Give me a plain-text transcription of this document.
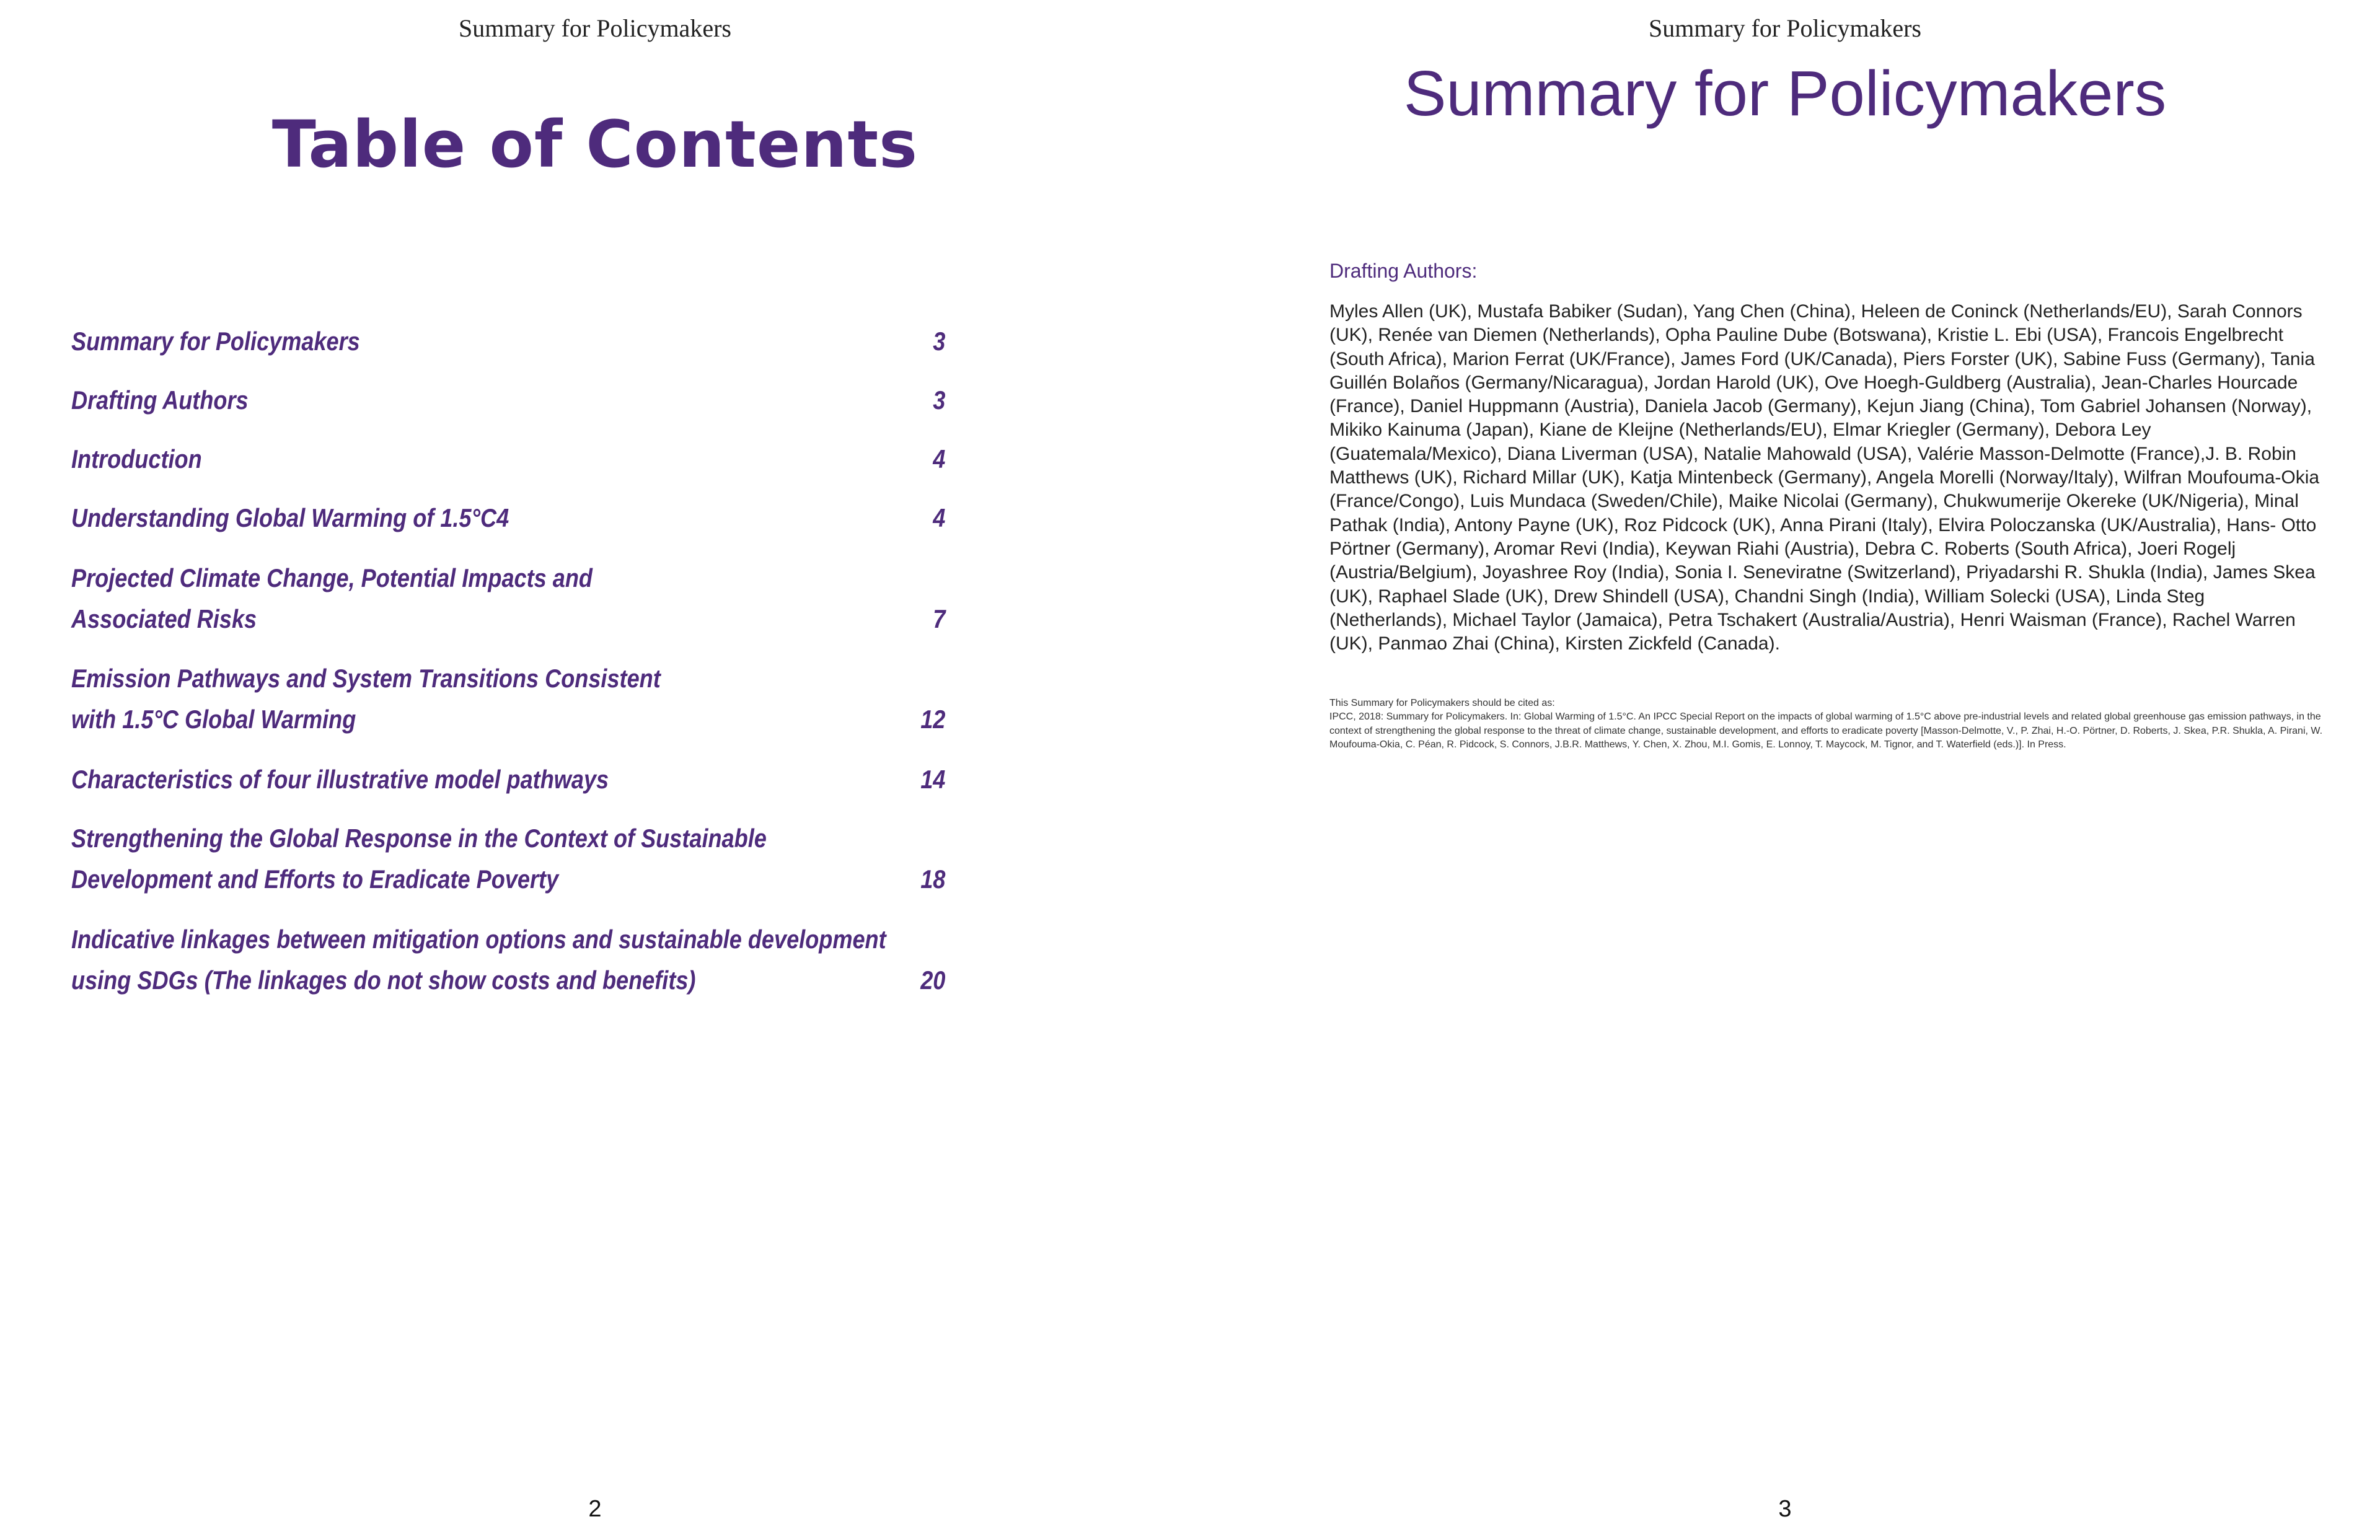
Summary for Policymakers
Table of Contents
Summary for Policymakers	3
Drafting Authors	3
Introduction	4
Understanding Global Warming of 1.5°C4	4
Projected Climate Change, Potential Impacts and
Associated Risks	7
Emission Pathways and System Transitions Consistent
with 1.5°C Global Warming	12
Characteristics of four illustrative model pathways	14
Strengthening the Global Response in the Context of Sustainable
Development and Efforts to Eradicate Poverty	18
Indicative linkages between mitigation options and sustainable development
using SDGs (The linkages do not show costs and benefits)	20
2
Summary for Policymakers
Summary for Policymakers
Drafting Authors:

Myles Allen (UK), Mustafa Babiker (Sudan), Yang Chen (China), Heleen de Coninck (Netherlands/EU), Sarah Connors (UK), Renée van Diemen (Netherlands), Opha Pauline Dube (Botswana), Kristie L. Ebi (USA), Francois Engelbrecht (South Africa), Marion Ferrat (UK/France), James Ford (UK/Canada), Piers Forster (UK), Sabine Fuss (Germany), Tania Guillén Bolaños (Germany/Nicaragua), Jordan Harold (UK), Ove Hoegh-Guldberg (Australia), Jean-Charles Hourcade (France), Daniel Huppmann (Austria), Daniela Jacob (Germany), Kejun Jiang (China), Tom Gabriel Johansen (Norway), Mikiko Kainuma (Japan), Kiane de Kleijne (Netherlands/EU), Elmar Kriegler (Germany), Debora Ley (Guatemala/Mexico), Diana Liverman (USA), Natalie Mahowald (USA), Valérie Masson-Delmotte (France),J. B. Robin Matthews (UK), Richard Millar (UK), Katja Mintenbeck (Germany), Angela Morelli (Norway/Italy), Wilfran Moufouma-Okia (France/Congo), Luis Mundaca (Sweden/Chile), Maike Nicolai (Germany), Chukwumerije Okereke (UK/Nigeria), Minal Pathak (India), Antony Payne (UK), Roz Pidcock (UK), Anna Pirani (Italy), Elvira Poloczanska (UK/Australia), Hans- Otto Pörtner (Germany), Aromar Revi (India), Keywan Riahi (Austria), Debra C. Roberts (South Africa), Joeri Rogelj (Austria/Belgium), Joyashree Roy (India), Sonia I. Seneviratne (Switzerland), Priyadarshi R. Shukla (India), James Skea (UK), Raphael Slade (UK), Drew Shindell (USA), Chandni Singh (India), William Solecki (USA), Linda Steg (Netherlands), Michael Taylor (Jamaica), Petra Tschakert (Australia/Austria), Henri Waisman (France), Rachel Warren (UK), Panmao Zhai (China), Kirsten Zickfeld (Canada).

This Summary for Policymakers should be cited as:

IPCC, 2018: Summary for Policymakers. In: Global Warming of 1.5°C. An IPCC Special Report on the impacts of global warming of 1.5°C above pre-industrial levels and related global greenhouse gas emission pathways, in the context of strengthening the global response to the threat of climate change, sustainable development, and efforts to eradicate poverty [Masson-Delmotte, V., P. Zhai, H.-O. Pörtner, D. Roberts, J. Skea, P.R. Shukla, A. Pirani, W. Moufouma-Okia, C. Péan, R. Pidcock, S. Connors, J.B.R. Matthews, Y. Chen, X. Zhou, M.I. Gomis, E. Lonnoy, T. Maycock, M. Tignor, and T. Waterfield (eds.)]. In Press.

3
